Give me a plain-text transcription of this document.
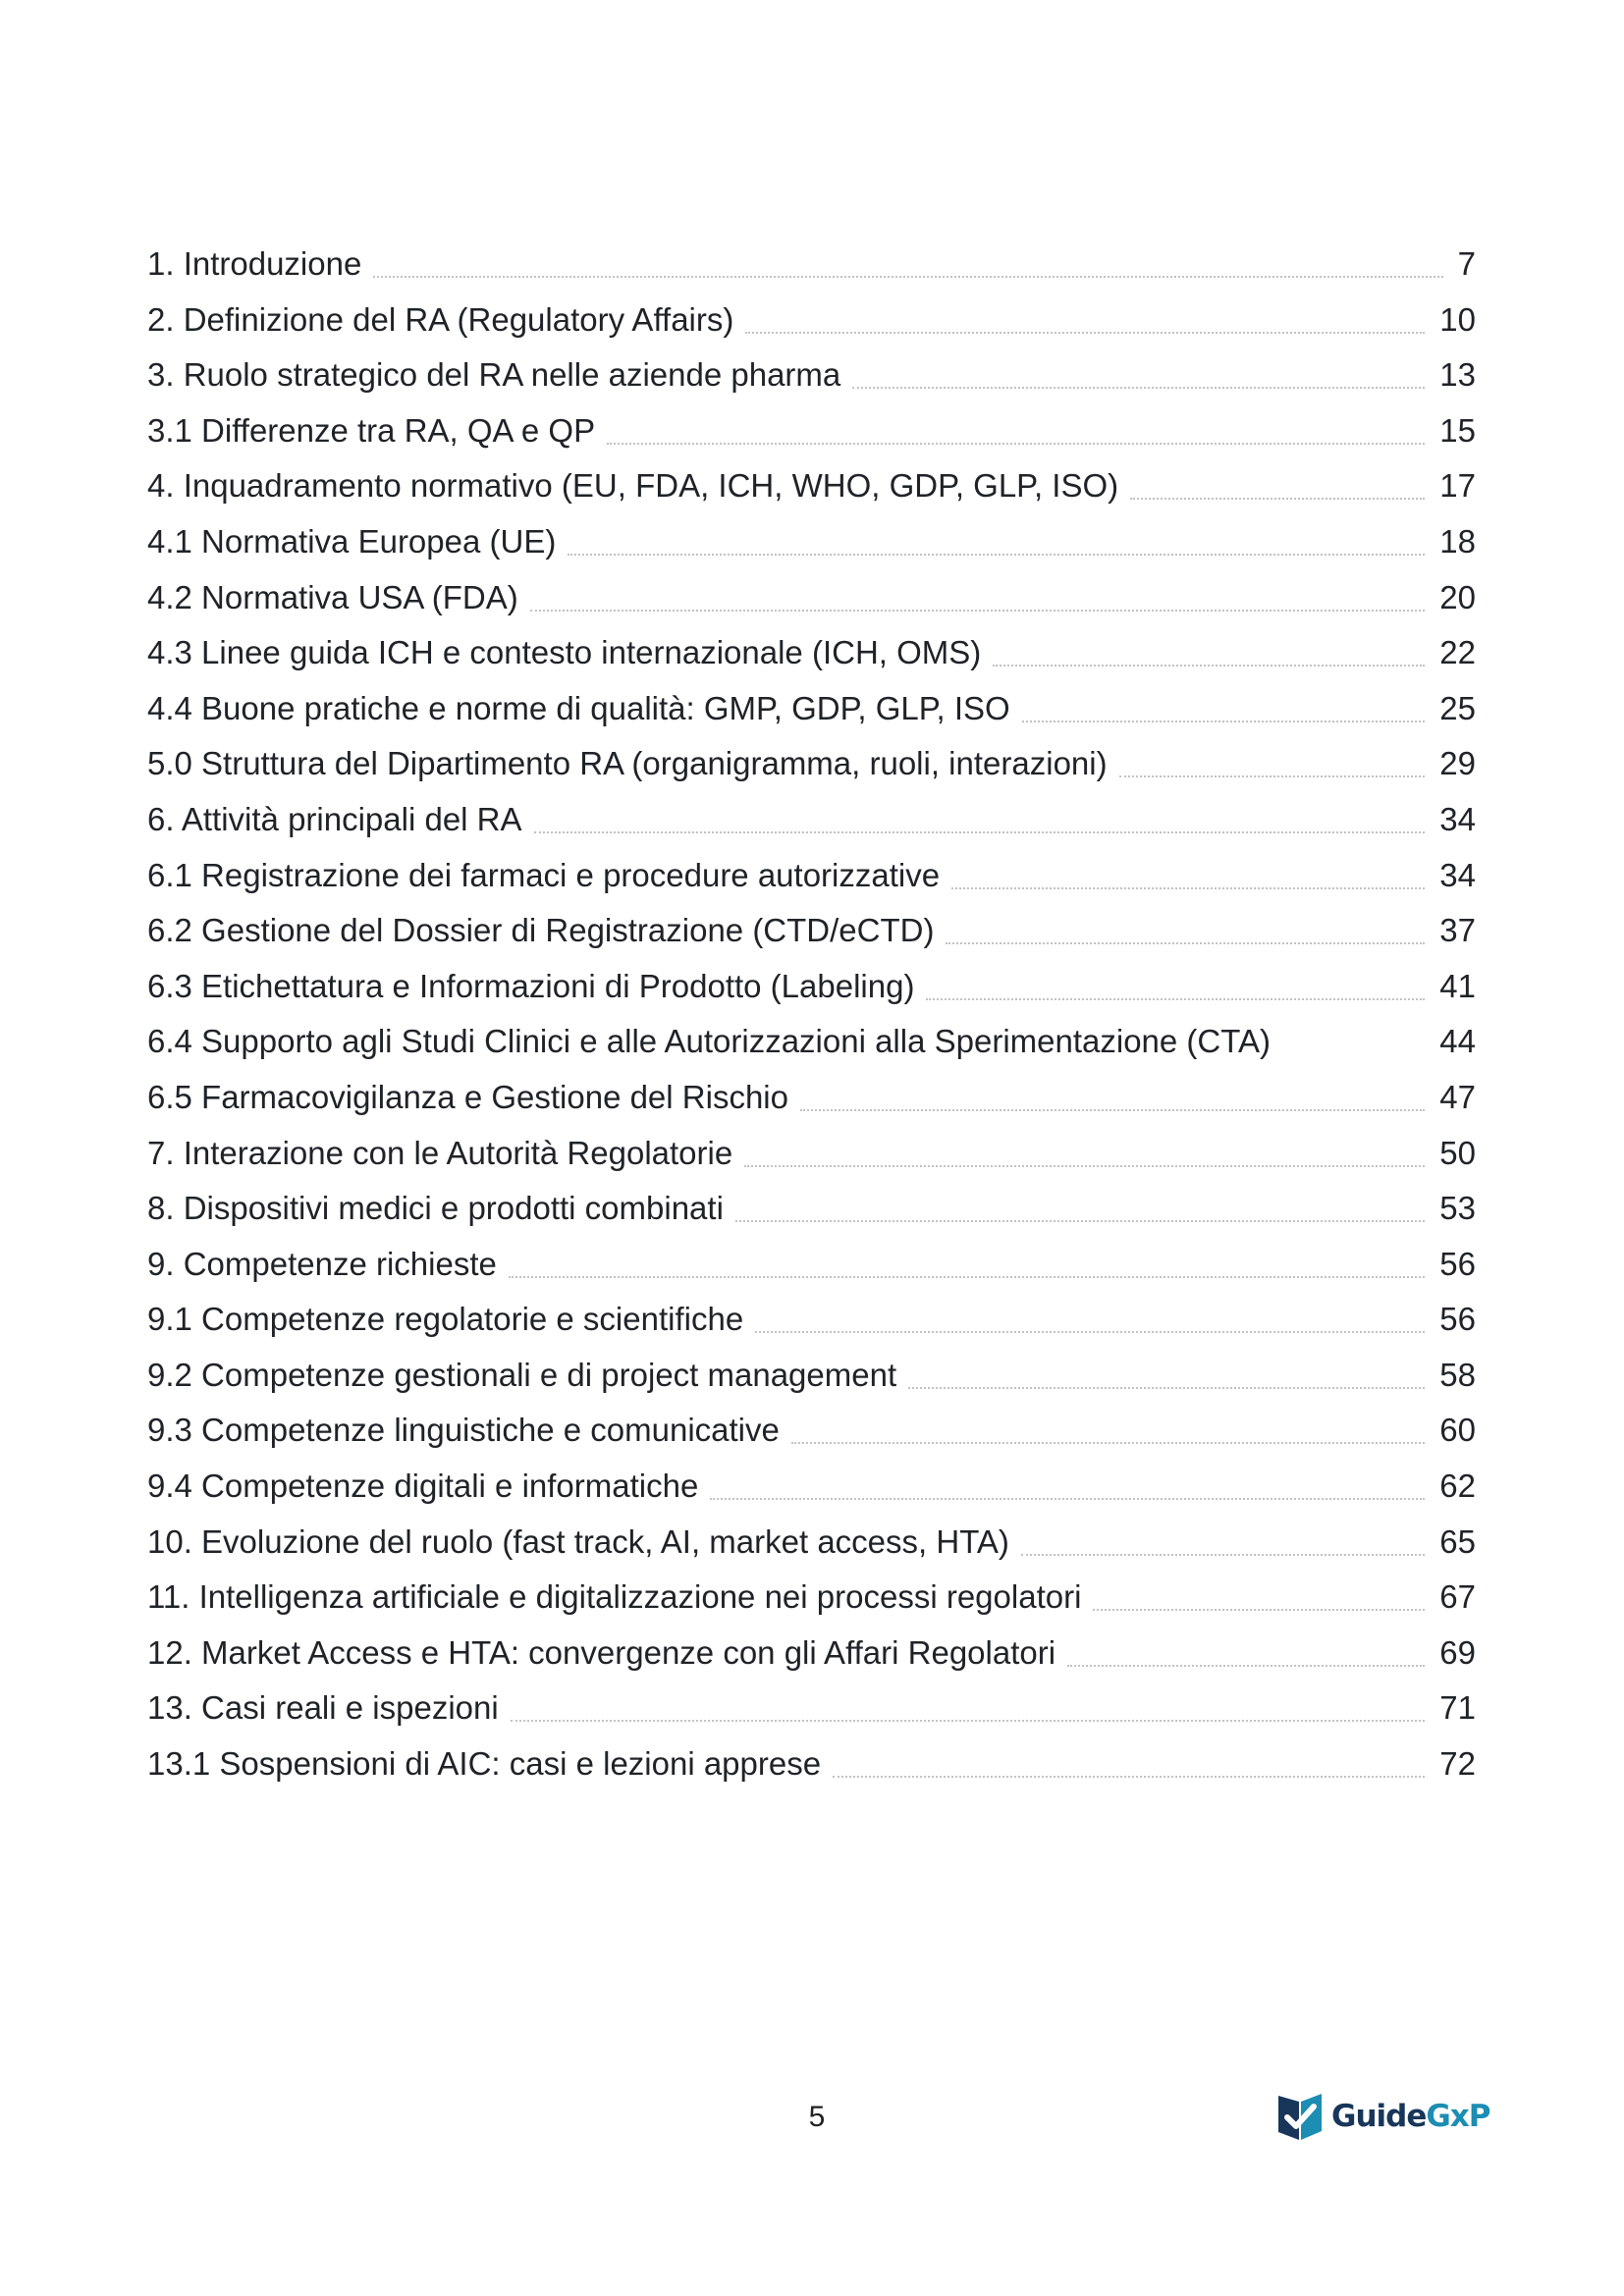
1. Introduzione	7
2. Definizione del RA (Regulatory Affairs)	10
3. Ruolo strategico del RA nelle aziende pharma	13
3.1 Differenze tra RA, QA e QP	15
4. Inquadramento normativo (EU, FDA, ICH, WHO, GDP, GLP, ISO)	17
4.1 Normativa Europea (UE)	18
4.2 Normativa USA (FDA)	20
4.3 Linee guida ICH e contesto internazionale (ICH, OMS)	22
4.4 Buone pratiche e norme di qualità: GMP, GDP, GLP, ISO	25
5.0 Struttura del Dipartimento RA (organigramma, ruoli, interazioni)	29
6. Attività principali del RA	34
6.1 Registrazione dei farmaci e procedure autorizzative	34
6.2 Gestione del Dossier di Registrazione (CTD/eCTD)	37
6.3 Etichettatura e Informazioni di Prodotto (Labeling)	41
6.4 Supporto agli Studi Clinici e alle Autorizzazioni alla Sperimentazione (CTA)	44
6.5 Farmacovigilanza e Gestione del Rischio	47
7. Interazione con le Autorità Regolatorie	50
8. Dispositivi medici e prodotti combinati	53
9. Competenze richieste	56
9.1 Competenze regolatorie e scientifiche	56
9.2 Competenze gestionali e di project management	58
9.3 Competenze linguistiche e comunicative	60
9.4 Competenze digitali e informatiche	62
10. Evoluzione del ruolo (fast track, AI, market access, HTA)	65
11. Intelligenza artificiale e digitalizzazione nei processi regolatori	67
12. Market Access e HTA: convergenze con gli Affari Regolatori	69
13. Casi reali e ispezioni	71
13.1 Sospensioni di AIC: casi e lezioni apprese	72
5	GuideGxP
